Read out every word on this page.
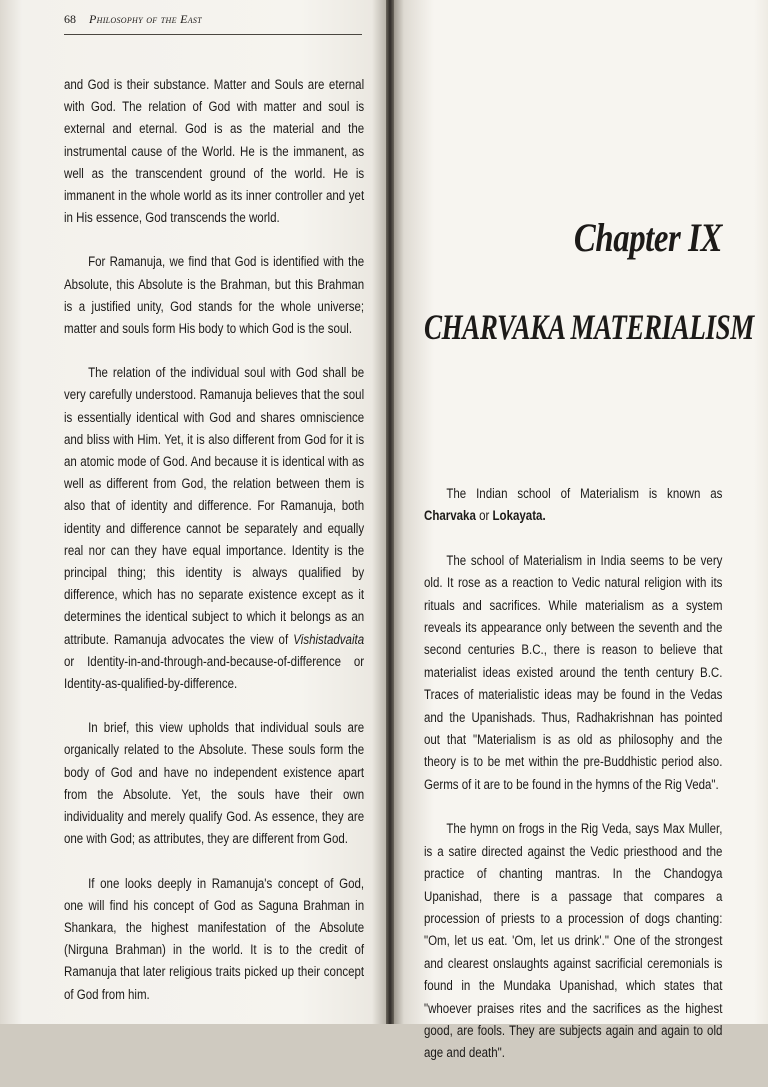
68 Philosophy of the East

and God is their substance. Matter and Souls are eternal with God. The relation of God with matter and soul is external and eternal. God is as the material and the instrumental cause of the World. He is the immanent, as well as the transcendent ground of the world. He is immanent in the whole world as its inner controller and yet in His essence, God transcends the world.

For Ramanuja, we find that God is identified with the Absolute, this Absolute is the Brahman, but this Brahman is a justified unity, God stands for the whole universe; matter and souls form His body to which God is the soul.

The relation of the individual soul with God shall be very carefully understood. Ramanuja believes that the soul is essentially identical with God and shares omniscience and bliss with Him. Yet, it is also different from God for it is an atomic mode of God. And because it is identical with as well as different from God, the relation between them is also that of identity and difference. For Ramanuja, both identity and difference cannot be separately and equally real nor can they have equal importance. Identity is the principal thing; this identity is always qualified by difference, which has no separate existence except as it determines the identical subject to which it belongs as an attribute. Ramanuja advocates the view of Vishistadvaita or Identity-in-and-through-and-because-of-difference or Identity-as-qualified-by-difference.

In brief, this view upholds that individual souls are organically related to the Absolute. These souls form the body of God and have no independent existence apart from the Absolute. Yet, the souls have their own individuality and merely qualify God. As essence, they are one with God; as attributes, they are different from God.

If one looks deeply in Ramanuja's concept of God, one will find his concept of God as Saguna Brahman in Shankara, the highest manifestation of the Absolute (Nirguna Brahman) in the world. It is to the credit of Ramanuja that later religious traits picked up their concept of God from him.

Chapter IX
CHARVAKA MATERIALISM

The Indian school of Materialism is known as Charvaka or Lokayata.

The school of Materialism in India seems to be very old. It rose as a reaction to Vedic natural religion with its rituals and sacrifices. While materialism as a system reveals its appearance only between the seventh and the second centuries B.C., there is reason to believe that materialist ideas existed around the tenth century B.C. Traces of materialistic ideas may be found in the Vedas and the Upanishads. Thus, Radhakrishnan has pointed out that "Materialism is as old as philosophy and the theory is to be met within the pre-Buddhistic period also. Germs of it are to be found in the hymns of the Rig Veda".

The hymn on frogs in the Rig Veda, says Max Muller, is a satire directed against the Vedic priesthood and the practice of chanting mantras. In the Chandogya Upanishad, there is a passage that compares a procession of priests to a procession of dogs chanting: "Om, let us eat. 'Om, let us drink'." One of the strongest and clearest onslaughts against sacrificial ceremonials is found in the Mundaka Upanishad, which states that "whoever praises rites and the sacrifices as the highest good, are fools. They are subjects again and again to old age and death".
